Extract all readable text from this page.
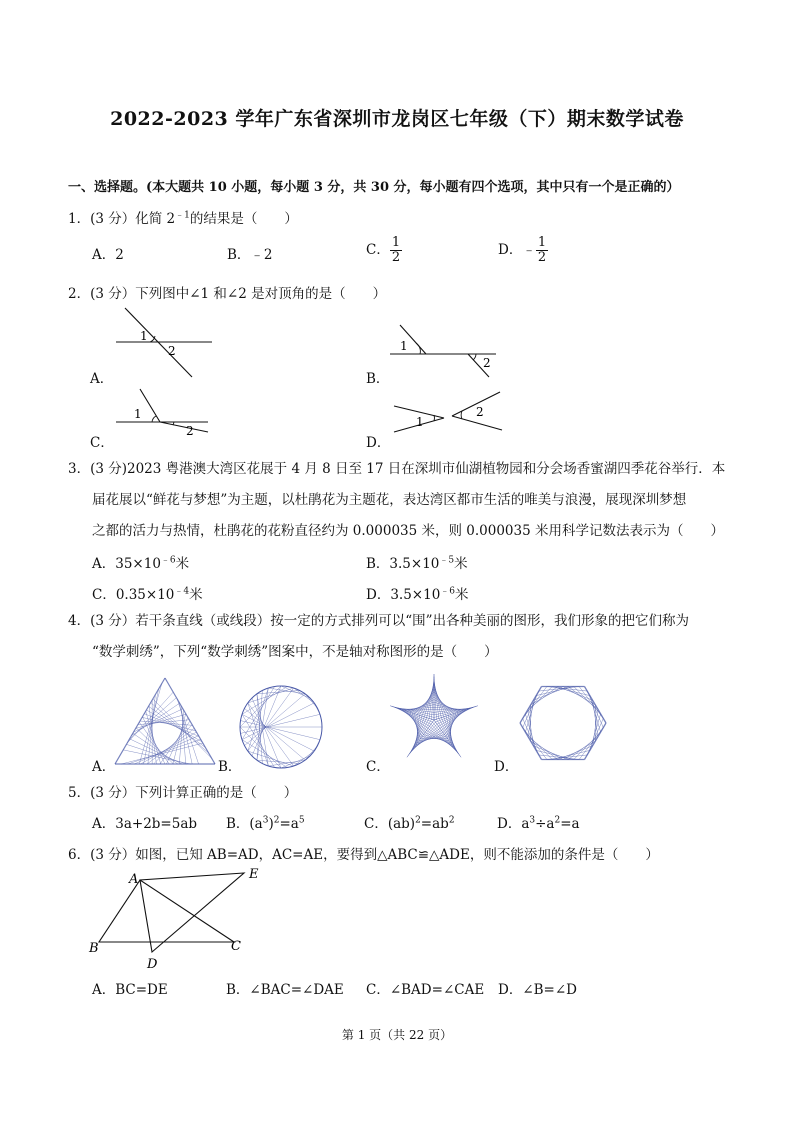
2022-2023 学年广东省深圳市龙岗区七年级（下）期末数学试卷
一、选择题。(本大题共 10 小题，每小题 3 分，共 30 分，每小题有四个选项，其中只有一个是正确的）
1．(3 分）化简 $2^{﹣1}$的结果是（　　）
A．2	B．﹣2	C． $\frac{1}{2}$	D．﹣ $\frac{1}{2}$
2．(3 分）下列图中∠1 和∠2 是对顶角的是（　　）
A．	B．
C．	D．
1
2	1
2
1
2
1
2
3．(3 分)2023 粤港澳大湾区花展于 4 月 8 日至 17 日在深圳市仙湖植物园和分会场香蜜湖四季花谷举行．本
届花展以“鲜花与梦想”为主题，以杜鹃花为主题花，表达湾区都市生活的唯美与浪漫，展现深圳梦想
之都的活力与热情，杜鹃花的花粉直径约为 0.000035 米，则 0.000035 米用科学记数法表示为（　　）
A．$35\times 10^{﹣6}$米	B．$3.5\times 10^{﹣5}$米
C．$0.35\times 10^{﹣4}$米	D．$3.5\times 10^{﹣6}$米
4．(3 分）若干条直线（或线段）按一定的方式排列可以“围”出各种美丽的图形，我们形象的把它们称为
“数学刺绣”，下列“数学刺绣”图案中，不是轴对称图形的是（　　）
A．	B．	C．	D．
5．(3 分）下列计算正确的是（　　）
A．3a+2b=5ab B．$(a^3)^2=a^5$	C．$(ab)^2=ab^2$	D．$a^3\div a^2=a$
6．(3 分）如图，已知 AB=AD，AC=AE，要得到△ABC≌△ADE，则不能添加的条件是（　　）
A
B	C
D
E
A．BC=DE	B．∠BAC=∠DAE C．∠BAD=∠CAE D．∠B=∠D
第 1 页（共 22 页）
